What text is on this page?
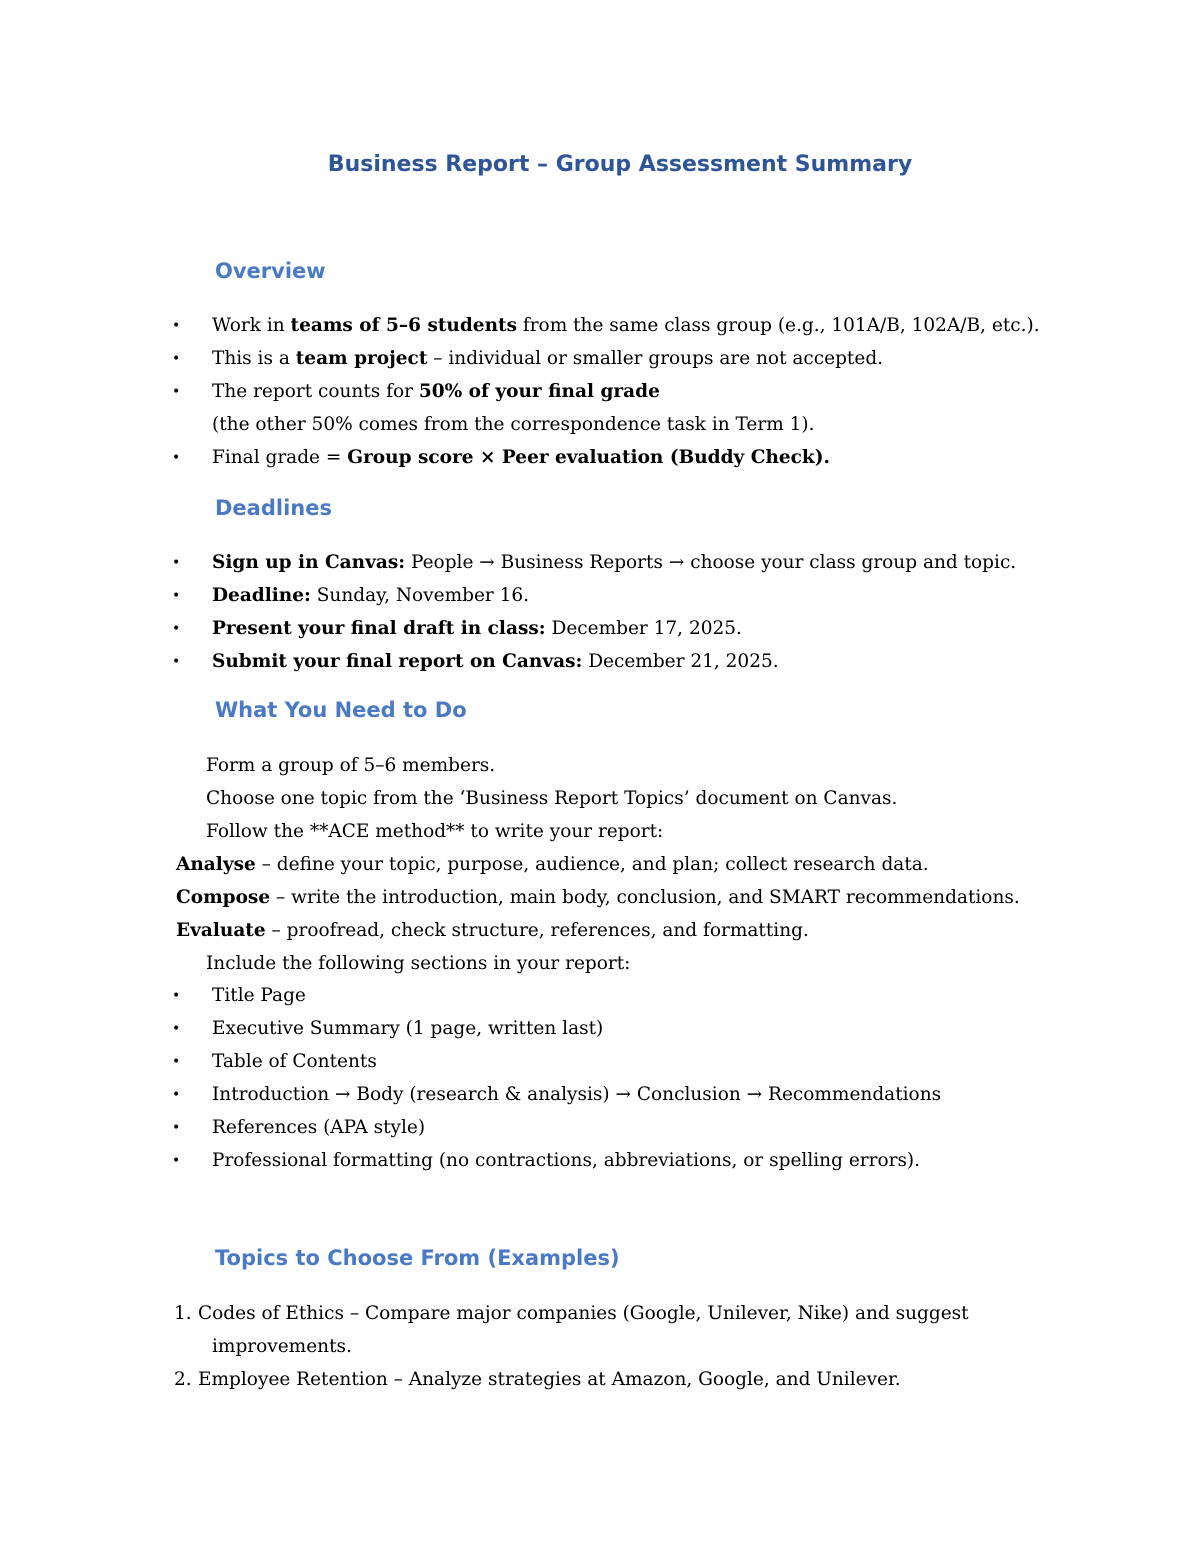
Business Report – Group Assessment Summary
Overview
• Work in teams of 5–6 students from the same class group (e.g., 101A/B, 102A/B, etc.).
• This is a team project – individual or smaller groups are not accepted.
• The report counts for 50% of your final grade
(the other 50% comes from the correspondence task in Term 1).
• Final grade = Group score × Peer evaluation (Buddy Check).
Deadlines
• Sign up in Canvas: People → Business Reports → choose your class group and topic.
• Deadline: Sunday, November 16.
• Present your final draft in class: December 17, 2025.
• Submit your final report on Canvas: December 21, 2025.
What You Need to Do
Form a group of 5–6 members.
Choose one topic from the ‘Business Report Topics’ document on Canvas.
Follow the **ACE method** to write your report:
Analyse – define your topic, purpose, audience, and plan; collect research data.
Compose – write the introduction, main body, conclusion, and SMART recommendations.
Evaluate – proofread, check structure, references, and formatting.
Include the following sections in your report:
• Title Page
• Executive Summary (1 page, written last)
• Table of Contents
• Introduction → Body (research & analysis) → Conclusion → Recommendations
• References (APA style)
• Professional formatting (no contractions, abbreviations, or spelling errors).
Topics to Choose From (Examples)
1. Codes of Ethics – Compare major companies (Google, Unilever, Nike) and suggest
improvements.
2. Employee Retention – Analyze strategies at Amazon, Google, and Unilever.
